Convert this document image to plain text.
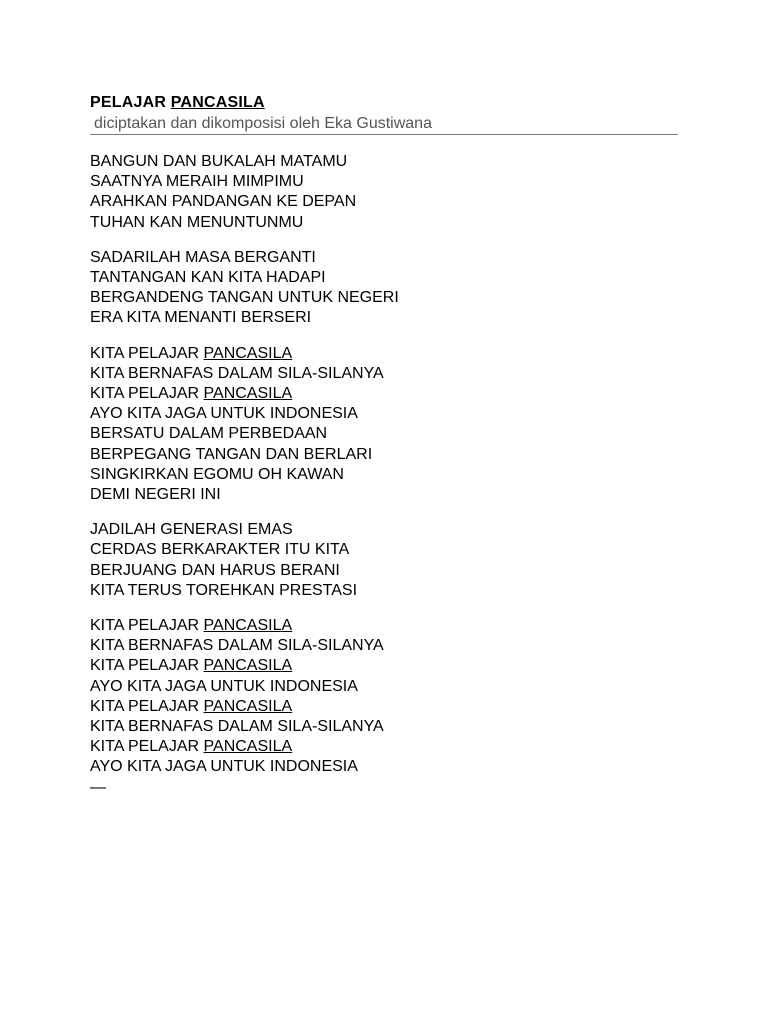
PELAJAR PANCASILA
diciptakan dan dikomposisi oleh Eka Gustiwana
BANGUN DAN BUKALAH MATAMU
SAATNYA MERAIH MIMPIMU
ARAHKAN PANDANGAN KE DEPAN
TUHAN KAN MENUNTUNMU
SADARILAH MASA BERGANTI
TANTANGAN KAN KITA HADAPI
BERGANDENG TANGAN UNTUK NEGERI
ERA KITA MENANTI BERSERI
KITA PELAJAR PANCASILA
KITA BERNAFAS DALAM SILA-SILANYA
KITA PELAJAR PANCASILA
AYO KITA JAGA UNTUK INDONESIA
BERSATU DALAM PERBEDAAN
BERPEGANG TANGAN DAN BERLARI
SINGKIRKAN EGOMU OH KAWAN
DEMI NEGERI INI
JADILAH GENERASI EMAS
CERDAS BERKARAKTER ITU KITA
BERJUANG DAN HARUS BERANI
KITA TERUS TOREHKAN PRESTASI
KITA PELAJAR PANCASILA
KITA BERNAFAS DALAM SILA-SILANYA
KITA PELAJAR PANCASILA
AYO KITA JAGA UNTUK INDONESIA
KITA PELAJAR PANCASILA
KITA BERNAFAS DALAM SILA-SILANYA
KITA PELAJAR PANCASILA
AYO KITA JAGA UNTUK INDONESIA
—
